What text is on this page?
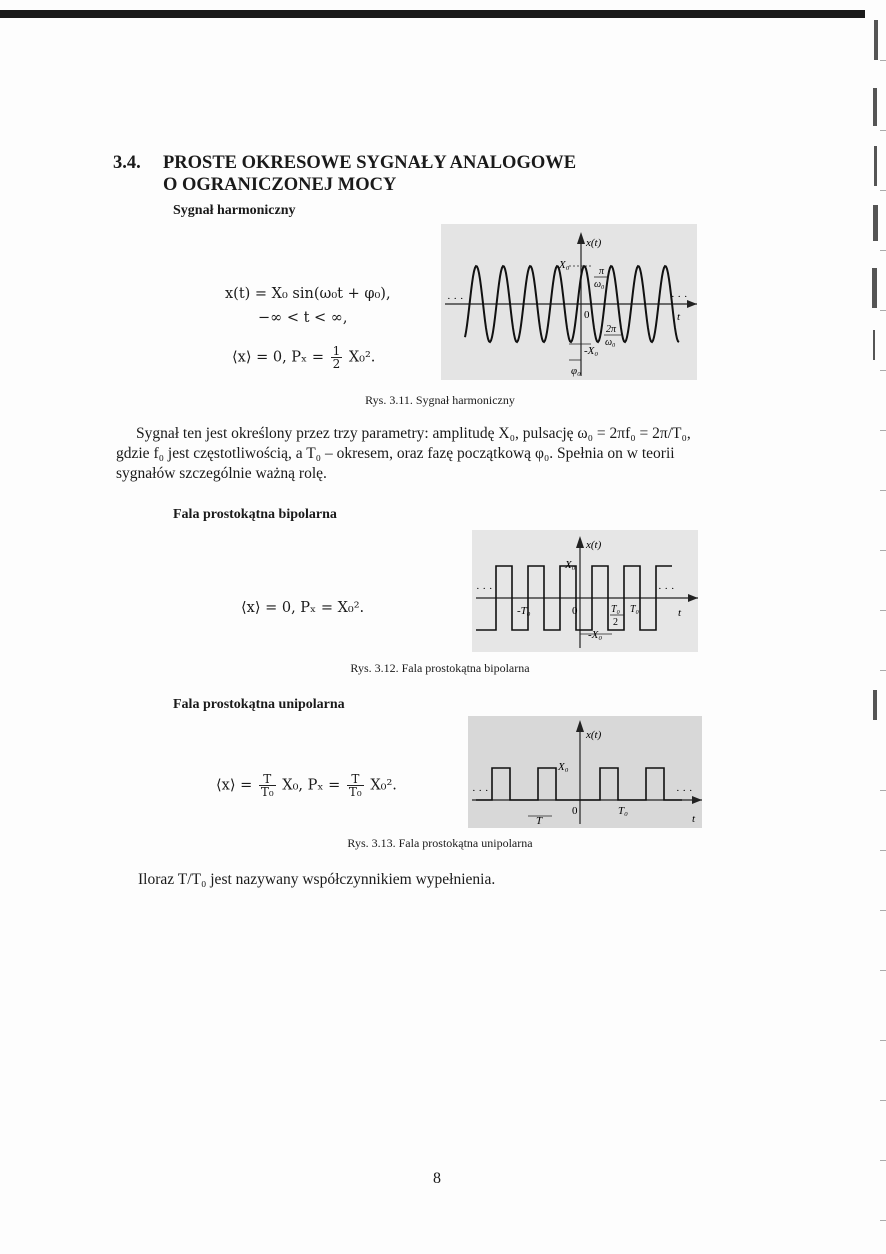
3.4. PROSTE OKRESOWE SYGNAŁY ANALOGOWE
O OGRANICZONEJ MOCY
Sygnał harmoniczny
x(t) = X₀ sin(ω₀t + φ₀),
−∞ < t < ∞,
⟨x⟩ = 0, $P_x = \frac{1}{2} X_0^2$.
· · ·	· · ·
x(t)
X₀
π
ω₀
0
2π
ω₀
t
-X₀
φ₀
Rys. 3.11. Sygnał harmoniczny
Sygnał ten jest określony przez trzy parametry: amplitudę X₀, pulsację ω₀ = 2πf₀ = 2π/T₀,
gdzie f₀ jest częstotliwością, a T₀ – okresem, oraz fazę początkową φ₀. Spełnia on w teorii
sygnałów szczególnie ważną rolę.
Fala prostokątna bipolarna
⟨x⟩ = 0, Pₓ = X₀².
· · ·	· · ·
x(t)
X₀
-T₀	0	T₀
2
T₀	t
-X₀
Rys. 3.12. Fala prostokątna bipolarna
Fala prostokątna unipolarna
⟨x⟩ = $\frac{T}{\text{T₀}} X_0$, $P_x = \frac{T}{\text{T₀}} X_0^2$.	· · ·	· · ·
x(t)
X₀
T
0	T₀
t
Rys. 3.13. Fala prostokątna unipolarna
Iloraz T/T₀ jest nazywany współczynnikiem wypełnienia.
8
